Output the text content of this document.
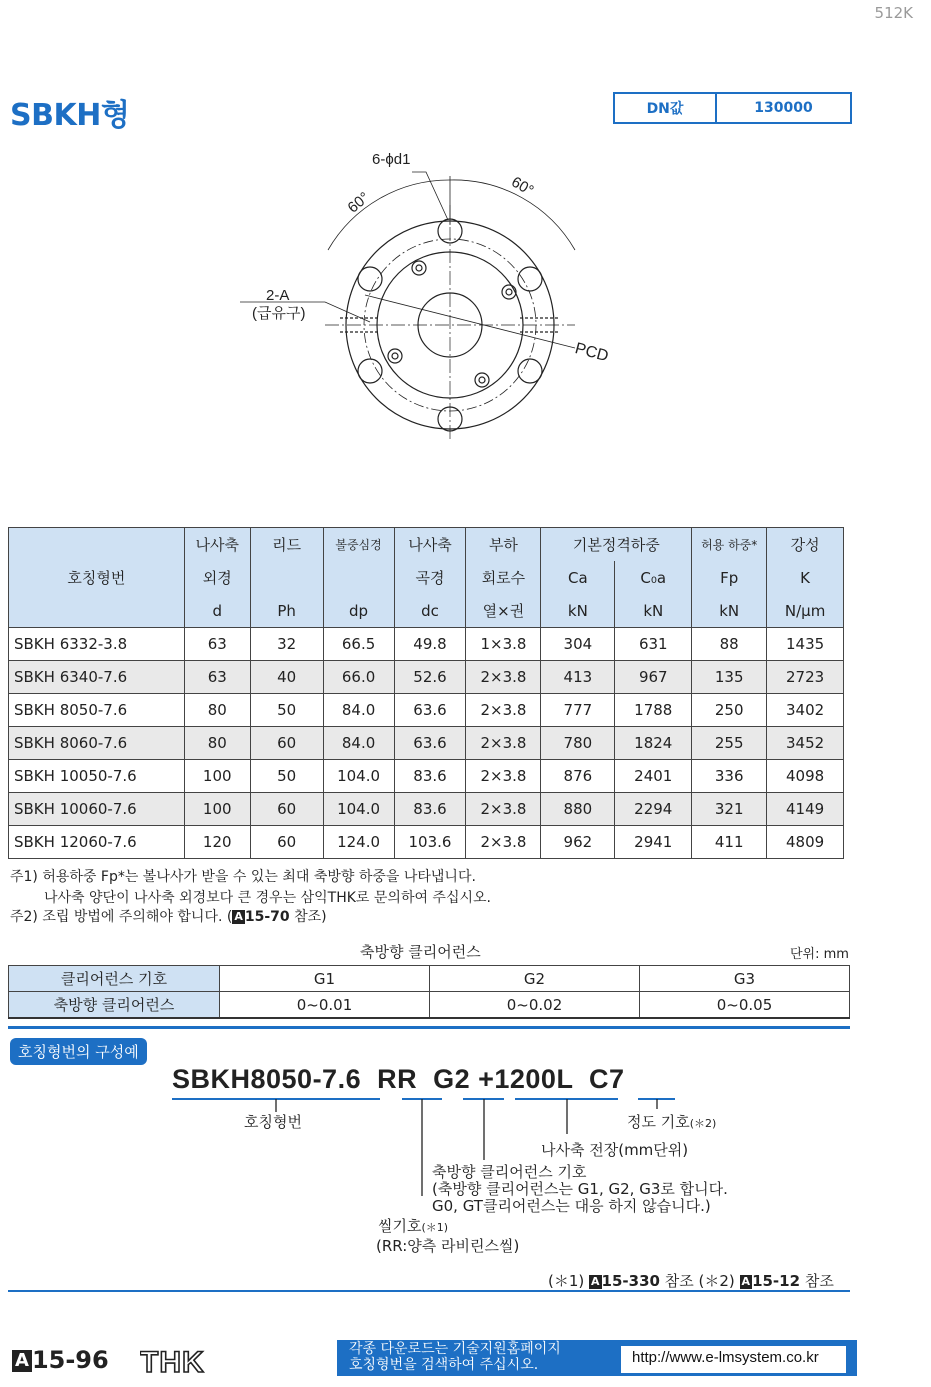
512K
SBKH형	DN값	130000
6-ϕd1
60°
60°
2-A
(급유구)
PCD
호칭형번	나사축	리드	볼중심경	나사축	부하	기본정격하중		허용 하중*	강성
	외경			곡경	회로수	Ca	C₀a	Fp	K
	d	Ph	dp	dc	열×권	kN	kN	kN	N/μm
SBKH 6332-3.8	63	32	66.5	49.8	1×3.8	304	631	88	1435
SBKH 6340-7.6	63	40	66.0	52.6	2×3.8	413	967	135	2723
SBKH 8050-7.6	80	50	84.0	63.6	2×3.8	777	1788	250	3402
SBKH 8060-7.6	80	60	84.0	63.6	2×3.8	780	1824	255	3452
SBKH 10050-7.6	100	50	104.0	83.6	2×3.8	876	2401	336	4098
SBKH 10060-7.6	100	60	104.0	83.6	2×3.8	880	2294	321	4149
SBKH 12060-7.6	120	60	124.0	103.6	2×3.8	962	2941	411	4809
주1) 허용하중 Fp*는 볼나사가 받을 수 있는 최대 축방향 하중을 나타냅니다.
나사축 양단이 나사축 외경보다 큰 경우는 삼익THK로 문의하여 주십시오.
주2) 조립 방법에 주의해야 합니다. ( A 15-70 참조)
축방향 클리어런스	단위: mm
클리어런스 기호	G1	G2	G3
축방향 클리어런스	0~0.01	0~0.02	0~0.05
호칭형번의 구성예
SBKH8050-7.6  RR  G2 +1200L  C7
호칭형번	정도 기호(＊2)
나사축 전장(mm단위)
축방향 클리어런스 기호
(축방향 클리어런스는 G1, G2, G3로 합니다.
G0, GT클리어런스는 대응 하지 않습니다.)
씰기호(＊1)
(RR:양측 라비린스씰)
(＊1) A 15-330 참조 (＊2) A 15-12 참조
A 15-96 THK	각종 다운로드는 기술지원홈페이지
호칭형번을 검색하여 주십시오.	http://www.e-lmsystem.co.kr
